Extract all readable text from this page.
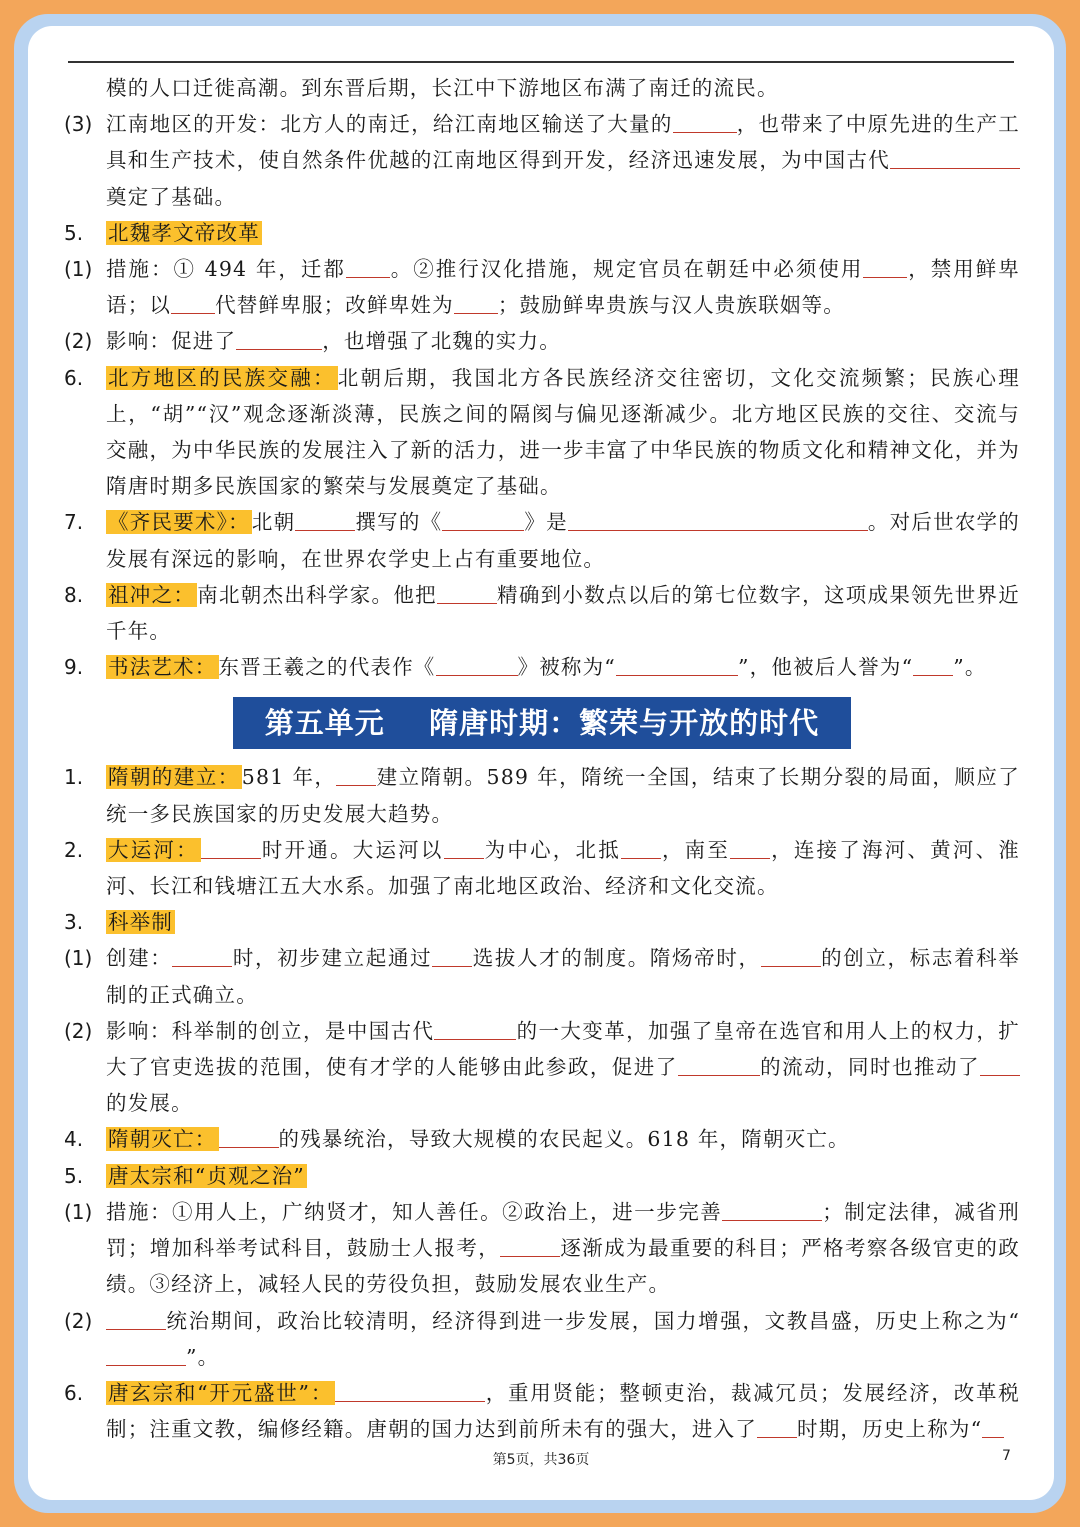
模的人口迁徙高潮。到东晋后期，长江中下游地区布满了南迁的流民。
(3) 江南地区的开发：北方人的南迁，给江南地区输送了大量的	，也带来了中原先进的生产工具和生产技术，使自然条件优越的江南地区得到开发，经济迅速发展，为中国古代奠定了基础。
5.	北魏孝文帝改革
(1) 措施：① 494 年，迁都 。②推行汉化措施，规定官员在朝廷中必须使用 ，禁用鲜卑语；以 代替鲜卑服；改鲜卑姓为 ；鼓励鲜卑贵族与汉人贵族联姻等。
(2) 影响：促进了	，也增强了北魏的实力。
6.	北方地区的民族交融：北朝后期，我国北方各民族经济交往密切，文化交流频繁；民族心理上，“胡”“汉”观念逐渐淡薄，民族之间的隔阂与偏见逐渐减少。北方地区民族的交往、交流与交融，为中华民族的发展注入了新的活力，进一步丰富了中华民族的物质文化和精神文化，并为隋唐时期多民族国家的繁荣与发展奠定了基础。
7.	《齐民要术》：北朝	撰写的《	》是	。对后世农学的发展有深远的影响，在世界农学史上占有重要地位。
8.	祖冲之：南北朝杰出科学家。他把	精确到小数点以后的第七位数字，这项成果领先世界近千年。
9.	书法艺术：东晋王羲之的代表作《	》被称为“	”，他被后人誉为“ ”。
第五单元    隋唐时期：繁荣与开放的时代
1.	隋朝的建立：581 年， 建立隋朝。589 年，隋统一全国，结束了长期分裂的局面，顺应了统一多民族国家的历史发展大趋势。
2.	大运河：	时开通。大运河以 为中心，北抵 ，南至 ，连接了海河、黄河、淮河、长江和钱塘江五大水系。加强了南北地区政治、经济和文化交流。
3.	科举制
(1) 创建：	时，初步建立起通过 选拔人才的制度。隋炀帝时，	的创立，标志着科举制的正式确立。
(2) 影响：科举制的创立，是中国古代	的一大变革，加强了皇帝在选官和用人上的权力，扩大了官吏选拔的范围，使有才学的人能够由此参政，促进了	的流动，同时也推动了的发展。
4.	隋朝灭亡：	的残暴统治，导致大规模的农民起义。618 年，隋朝灭亡。
5.	唐太宗和“贞观之治”
(1) 措施：①用人上，广纳贤才，知人善任。②政治上，进一步完善	；制定法律，减省刑罚；增加科举考试科目，鼓励士人报考，	逐渐成为最重要的科目；严格考察各级官吏的政绩。③经济上，减轻人民的劳役负担，鼓励发展农业生产。
(2)	统治期间，政治比较清明，经济得到进一步发展，国力增强，文教昌盛，历史上称之为“”。
6.	唐玄宗和“开元盛世”：	，重用贤能；整顿吏治，裁减冗员；发展经济，改革税制；注重文教，编修经籍。唐朝的国力达到前所未有的强大，进入了 时期，历史上称为“
第5页，共36页	7
